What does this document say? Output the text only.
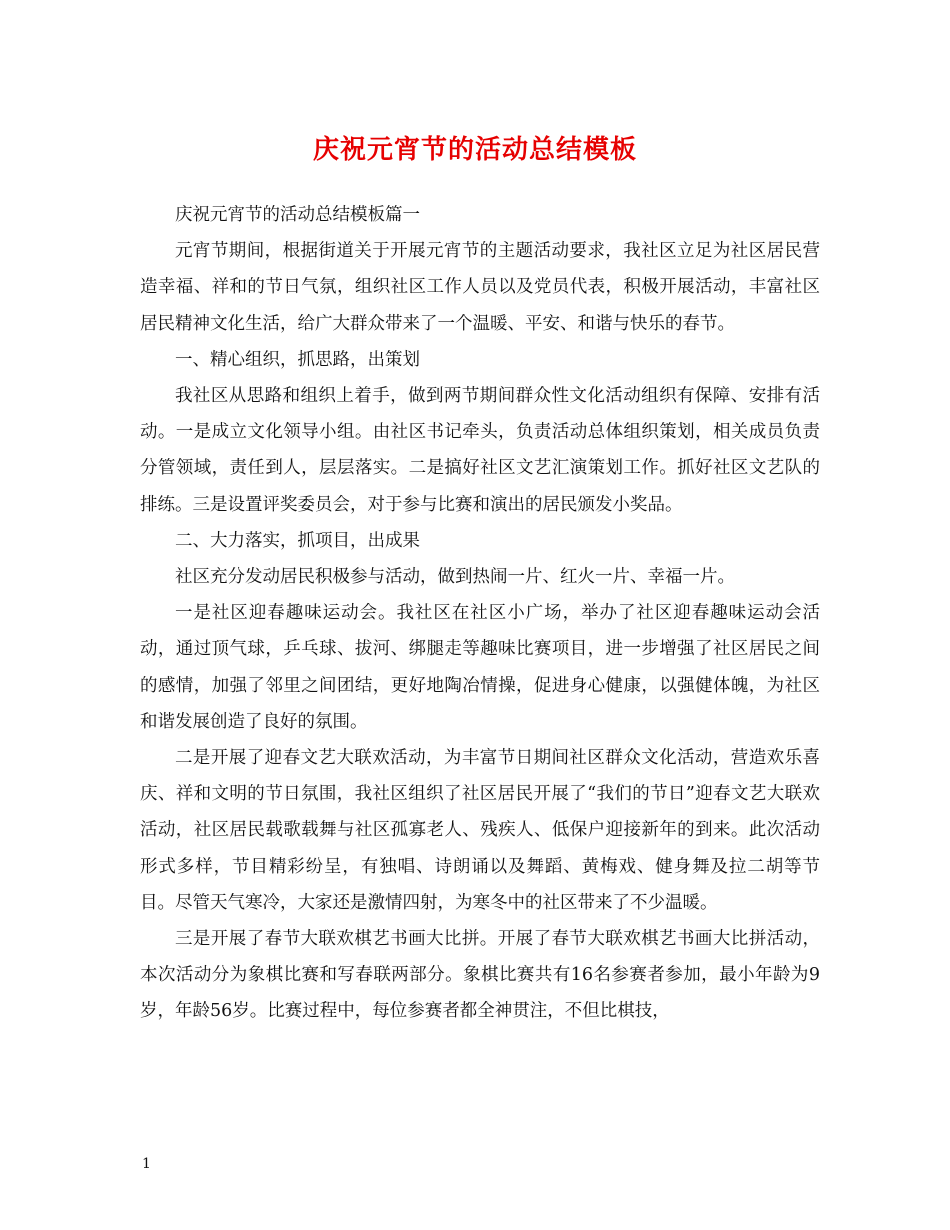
庆祝元宵节的活动总结模板

庆祝元宵节的活动总结模板篇一

元宵节期间，根据街道关于开展元宵节的主题活动要求，我社区立足为社区居民营造幸福、祥和的节日气氛，组织社区工作人员以及党员代表，积极开展活动，丰富社区居民精神文化生活，给广大群众带来了一个温暖、平安、和谐与快乐的春节。

一、精心组织，抓思路，出策划

我社区从思路和组织上着手，做到两节期间群众性文化活动组织有保障、安排有活动。一是成立文化领导小组。由社区书记牵头，负责活动总体组织策划，相关成员负责分管领域，责任到人，层层落实。二是搞好社区文艺汇演策划工作。抓好社区文艺队的排练。三是设置评奖委员会，对于参与比赛和演出的居民颁发小奖品。

二、大力落实，抓项目，出成果

社区充分发动居民积极参与活动，做到热闹一片、红火一片、幸福一片。

一是社区迎春趣味运动会。我社区在社区小广场，举办了社区迎春趣味运动会活动，通过顶气球，乒乓球、拔河、绑腿走等趣味比赛项目，进一步增强了社区居民之间的感情，加强了邻里之间团结，更好地陶冶情操，促进身心健康，以强健体魄，为社区和谐发展创造了良好的氛围。

二是开展了迎春文艺大联欢活动，为丰富节日期间社区群众文化活动，营造欢乐喜庆、祥和文明的节日氛围，我社区组织了社区居民开展了“我们的节日”迎春文艺大联欢活动，社区居民载歌载舞与社区孤寡老人、残疾人、低保户迎接新年的到来。此次活动形式多样，节目精彩纷呈，有独唱、诗朗诵以及舞蹈、黄梅戏、健身舞及拉二胡等节目。尽管天气寒冷，大家还是激情四射，为寒冬中的社区带来了不少温暖。

三是开展了春节大联欢棋艺书画大比拼。开展了春节大联欢棋艺书画大比拼活动，本次活动分为象棋比赛和写春联两部分。象棋比赛共有16名参赛者参加，最小年龄为9岁，年龄56岁。比赛过程中，每位参赛者都全神贯注，不但比棋技，

1
